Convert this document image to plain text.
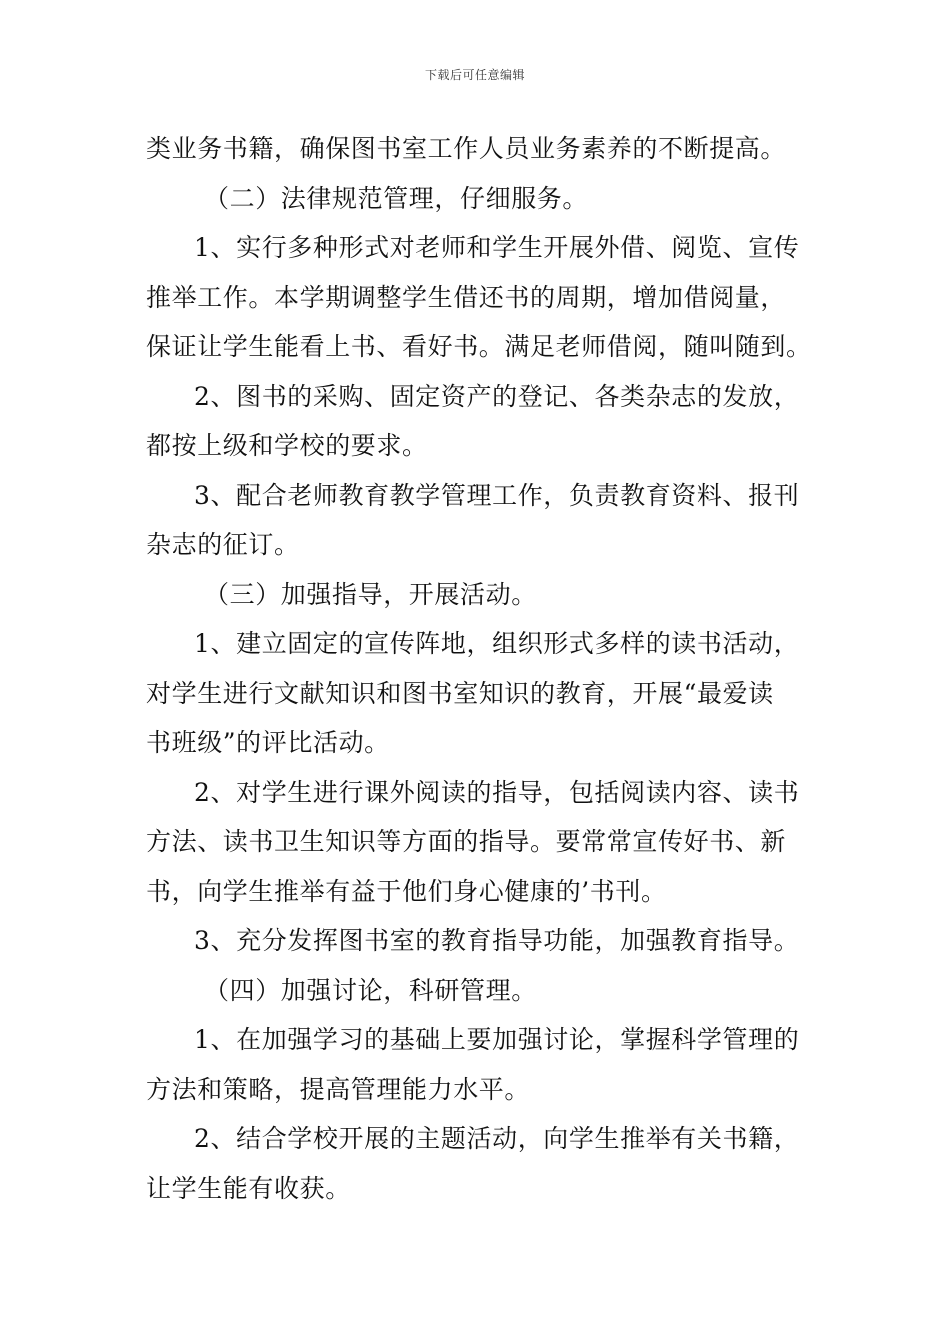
下载后可任意编辑
类业务书籍，确保图书室工作人员业务素养的不断提高。
（二）法律规范管理，仔细服务。
1、实行多种形式对老师和学生开展外借、阅览、宣传
推举工作。本学期调整学生借还书的周期，增加借阅量，
保证让学生能看上书、看好书。满足老师借阅，随叫随到。
2、图书的采购、固定资产的登记、各类杂志的发放，
都按上级和学校的要求。
3、配合老师教育教学管理工作，负责教育资料、报刊
杂志的征订。
（三）加强指导，开展活动。
1、建立固定的宣传阵地，组织形式多样的读书活动，
对学生进行文献知识和图书室知识的教育，开展“最爱读
书班级”的评比活动。
2、对学生进行课外阅读的指导，包括阅读内容、读书
方法、读书卫生知识等方面的指导。要常常宣传好书、新
书，向学生推举有益于他们身心健康的’书刊。
3、充分发挥图书室的教育指导功能，加强教育指导。
（四）加强讨论，科研管理。
1、在加强学习的基础上要加强讨论，掌握科学管理的
方法和策略，提高管理能力水平。
2、结合学校开展的主题活动，向学生推举有关书籍，
让学生能有收获。
